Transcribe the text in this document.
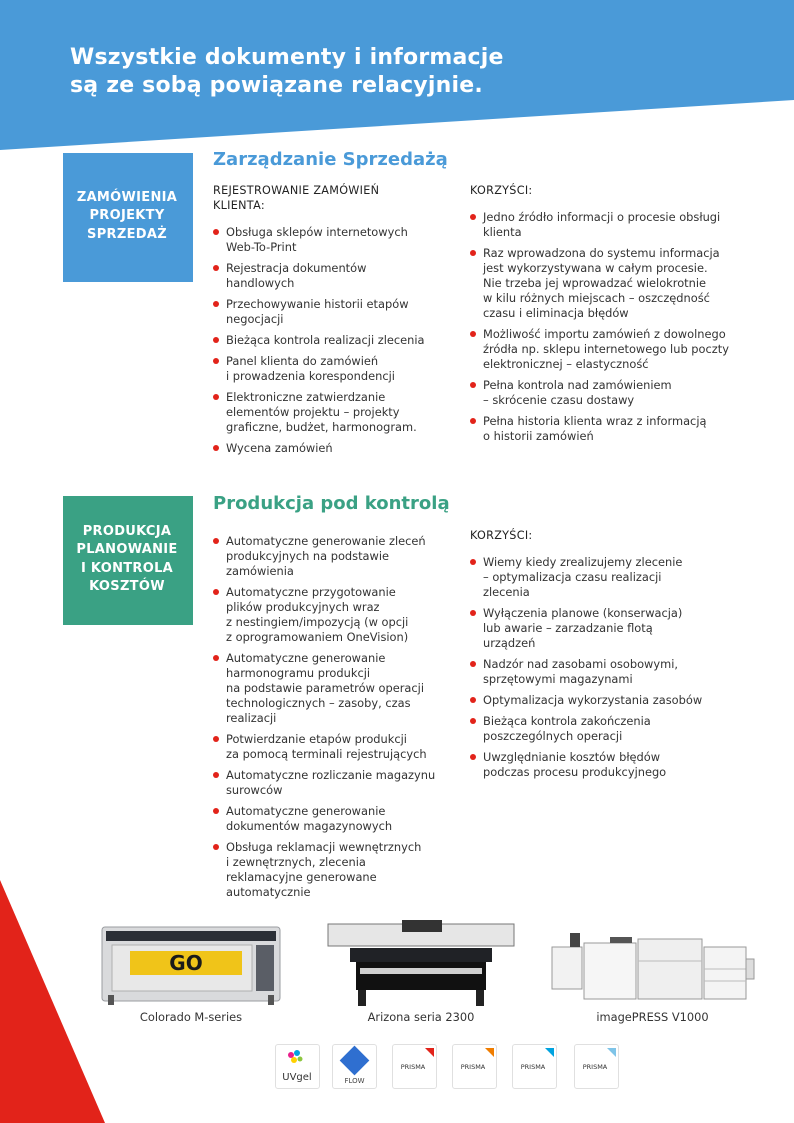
Wszystkie dokumenty i informacje
są ze sobą powiązane relacyjnie.
ZAMÓWIENIA
PROJEKTY
SPRZEDAŻ
Zarządzanie Sprzedażą
REJESTROWANIE ZAMÓWIEŃ
KLIENTA:
Obsługa sklepów internetowych
Web-To-Print
Rejestracja dokumentów
handlowych
Przechowywanie historii etapów
negocjacji
Bieżąca kontrola realizacji zlecenia
Panel klienta do zamówień
i prowadzenia korespondencji
Elektroniczne zatwierdzanie
elementów projektu – projekty
graficzne, budżet, harmonogram.
Wycena zamówień
KORZYŚCI:
Jedno źródło informacji o procesie obsługi
klienta
Raz wprowadzona do systemu informacja
jest wykorzystywana w całym procesie.
Nie trzeba jej wprowadzać wielokrotnie
w kilu różnych miejscach – oszczędność
czasu i eliminacja błędów
Możliwość importu zamówień z dowolnego
źródła np. sklepu internetowego lub poczty
elektronicznej – elastyczność
Pełna kontrola nad zamówieniem
– skrócenie czasu dostawy
Pełna historia klienta wraz z informacją
o historii zamówień
PRODUKCJA
PLANOWANIE
I KONTROLA
KOSZTÓW
Produkcja pod kontrolą
Automatyczne generowanie zleceń
produkcyjnych na podstawie
zamówienia
Automatyczne przygotowanie
plików produkcyjnych wraz
z nestingiem/impozycją (w opcji
z oprogramowaniem OneVision)
Automatyczne generowanie
harmonogramu produkcji
na podstawie parametrów operacji
technologicznych – zasoby, czas
realizacji
Potwierdzanie etapów produkcji
za pomocą terminali rejestrujących
Automatyczne rozliczanie magazynu
surowców
Automatyczne generowanie
dokumentów magazynowych
Obsługa reklamacji wewnętrznych
i zewnętrznych, zlecenia
reklamacyjne generowane
automatycznie
KORZYŚCI:
Wiemy kiedy zrealizujemy zlecenie
– optymalizacja czasu realizacji
zlecenia
Wyłączenia planowe (konserwacja)
lub awarie – zarzadzanie flotą
urządzeń
Nadzór nad zasobami osobowymi,
sprzętowymi magazynami
Optymalizacja wykorzystania zasobów
Bieżąca kontrola zakończenia
poszczególnych operacji
Uwzględnianie kosztów błędów
podczas procesu produkcyjnego
GO
Colorado M-series	Arizona seria 2300	imagePRESS V1000
UVgel	FLOW
PRISMA	PRISMA	PRISMA	PRISMA
